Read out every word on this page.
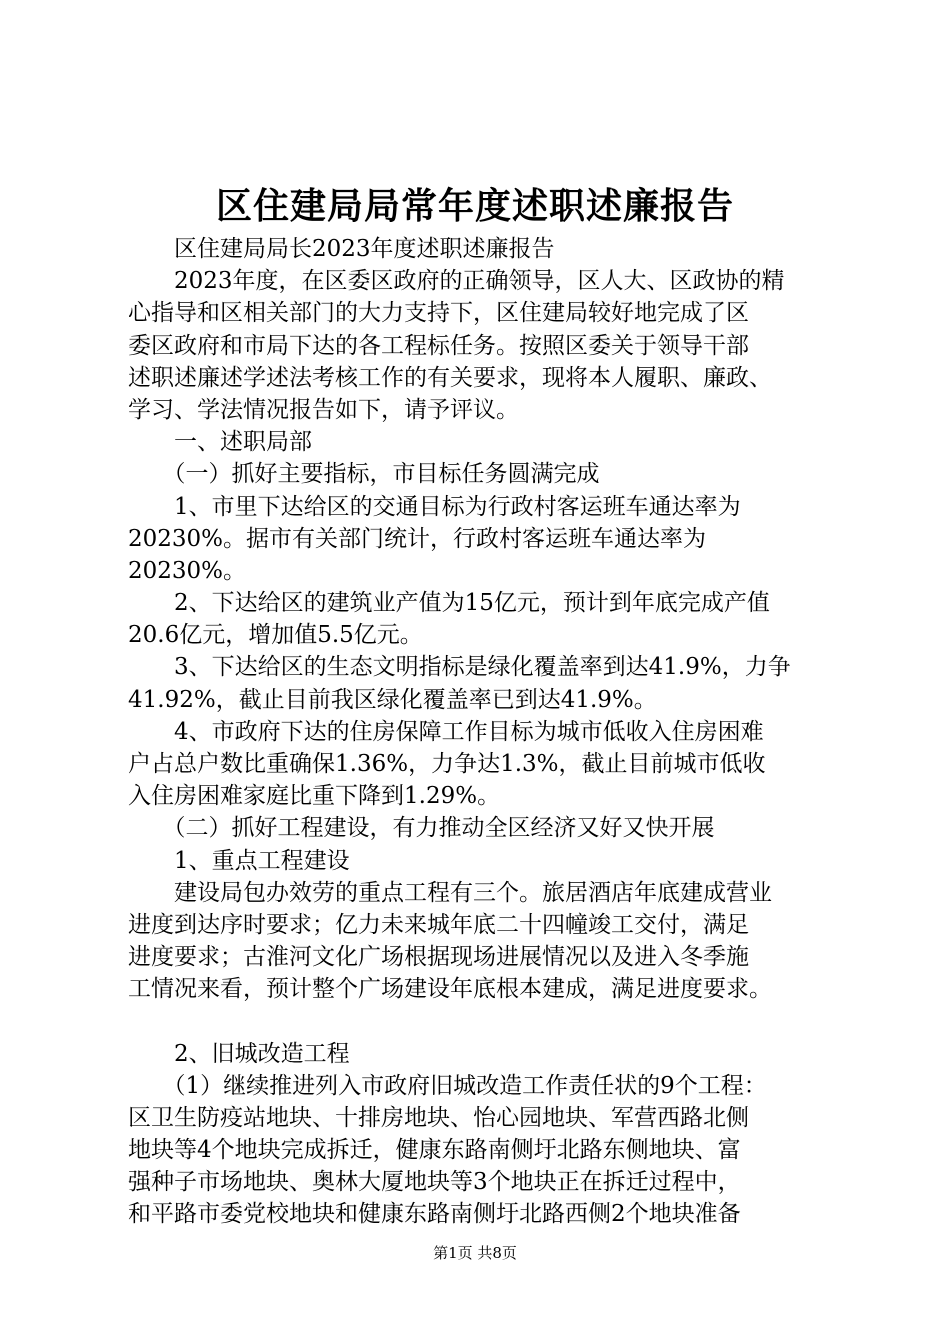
区住建局局常年度述职述廉报告
　　区住建局局长2023年度述职述廉报告
　　2023年度，在区委区政府的正确领导，区人大、区政协的精
心指导和区相关部门的大力支持下，区住建局较好地完成了区
委区政府和市局下达的各工程标任务。按照区委关于领导干部
述职述廉述学述法考核工作的有关要求，现将本人履职、廉政、
学习、学法情况报告如下，请予评议。
　　一、述职局部
　　（一）抓好主要指标，市目标任务圆满完成
　　1、市里下达给区的交通目标为行政村客运班车通达率为
20230%。据市有关部门统计，行政村客运班车通达率为
20230%。
　　2、下达给区的建筑业产值为15亿元，预计到年底完成产值
20.6亿元，增加值5.5亿元。
　　3、下达给区的生态文明指标是绿化覆盖率到达41.9%，力争
41.92%，截止目前我区绿化覆盖率已到达41.9%。
　　4、市政府下达的住房保障工作目标为城市低收入住房困难
户占总户数比重确保1.36%，力争达1.3%，截止目前城市低收
入住房困难家庭比重下降到1.29%。
　　（二）抓好工程建设，有力推动全区经济又好又快开展
　　1、重点工程建设
　　建设局包办效劳的重点工程有三个。旅居酒店年底建成营业
进度到达序时要求；亿力未来城年底二十四幢竣工交付，满足
进度要求；古淮河文化广场根据现场进展情况以及进入冬季施
工情况来看，预计整个广场建设年底根本建成，满足进度要求。
　　2、旧城改造工程
　　（1）继续推进列入市政府旧城改造工作责任状的9个工程：
区卫生防疫站地块、十排房地块、怡心园地块、军营西路北侧
地块等4个地块完成拆迁，健康东路南侧圩北路东侧地块、富
强种子市场地块、奥林大厦地块等3个地块正在拆迁过程中，
和平路市委党校地块和健康东路南侧圩北路西侧2个地块准备
第1页 共8页
